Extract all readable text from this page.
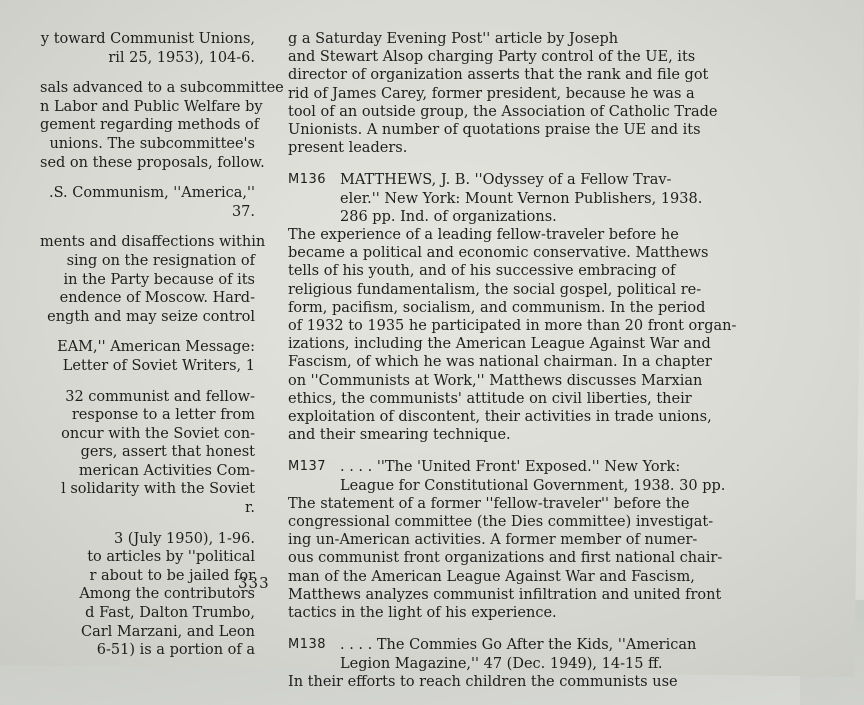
y toward Communist Unions,

ril 25, 1953), 104-6.

sals advanced to a subcommittee

n Labor and Public Welfare by

gement regarding methods of

unions. The subcommittee's

sed on these proposals, follow.

.S. Communism, ''America,''

37.

ments and disaffections within

sing on the resignation of

in the Party because of its

endence of Moscow. Hard-

ength and may seize control

EAM,'' American Message:

Letter of Soviet Writers, 1

32 communist and fellow-

response to a letter from

oncur with the Soviet con-

gers, assert that honest

merican Activities Com-

l solidarity with the Soviet

r.

3 (July 1950), 1-96.

to articles by ''political

r about to be jailed for

Among the contributors

d Fast, Dalton Trumbo,

Carl Marzani, and Leon

6-51) is a portion of a

g a Saturday Evening Post'' article by Joseph

and Stewart Alsop charging Party control of the UE, its

director of organization asserts that the rank and file got

rid of James Carey, former president, because he was a

tool of an outside group, the Association of Catholic Trade

Unionists. A number of quotations praise the UE and its

present leaders.

M136 MATTHEWS, J. B. ''Odyssey of a Fellow Trav-

eler.'' New York: Mount Vernon Publishers, 1938.

286 pp. Ind. of organizations.

The experience of a leading fellow-traveler before he

became a political and economic conservative. Matthews

tells of his youth, and of his successive embracing of

religious fundamentalism, the social gospel, political re-

form, pacifism, socialism, and communism. In the period

of 1932 to 1935 he participated in more than 20 front organ-

izations, including the American League Against War and

Fascism, of which he was national chairman. In a chapter

on ''Communists at Work,'' Matthews discusses Marxian

ethics, the communists' attitude on civil liberties, their

exploitation of discontent, their activities in trade unions,

and their smearing technique.

M137 . . . . ''The 'United Front' Exposed.'' New York:

League for Constitutional Government, 1938. 30 pp.

The statement of a former ''fellow-traveler'' before the

congressional committee (the Dies committee) investigat-

ing un-American activities. A former member of numer-

ous communist front organizations and first national chair-

man of the American League Against War and Fascism,

Matthews analyzes communist infiltration and united front

tactics in the light of his experience.

M138 . . . . The Commies Go After the Kids, ''American

Legion Magazine,'' 47 (Dec. 1949), 14-15 ff.

In their efforts to reach children the communists use

333
